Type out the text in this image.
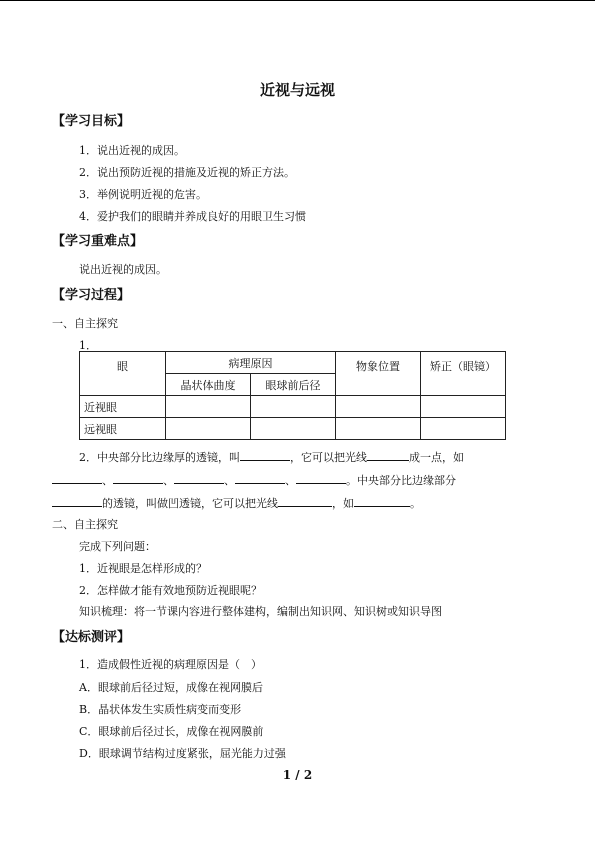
近视与远视
【学习目标】
1．说出近视的成因。
2．说出预防近视的措施及近视的矫正方法。
3．举例说明近视的危害。
4．爱护我们的眼睛并养成良好的用眼卫生习惯
【学习重难点】
说出近视的成因。
【学习过程】
一、自主探究
1．
眼	病理原因		物象位置	矫正（眼镜）
	晶状体曲度	眼球前后径		
近视眼				
远视眼				
2．中央部分比边缘厚的透镜，叫	，它可以把光线	成一点，如
、	、	、	、	。中央部分比边缘部分
的透镜，叫做凹透镜，它可以把光线	，如	。
二、自主探究
完成下列问题：
1．近视眼是怎样形成的？
2．怎样做才能有效地预防近视眼呢？
知识梳理：将一节课内容进行整体建构，编制出知识网、知识树或知识导图
【达标测评】
1．造成假性近视的病理原因是（　）
A．眼球前后径过短，成像在视网膜后
B．晶状体发生实质性病变而变形
C．眼球前后径过长，成像在视网膜前
D．眼球调节结构过度紧张，屈光能力过强
1 / 2
